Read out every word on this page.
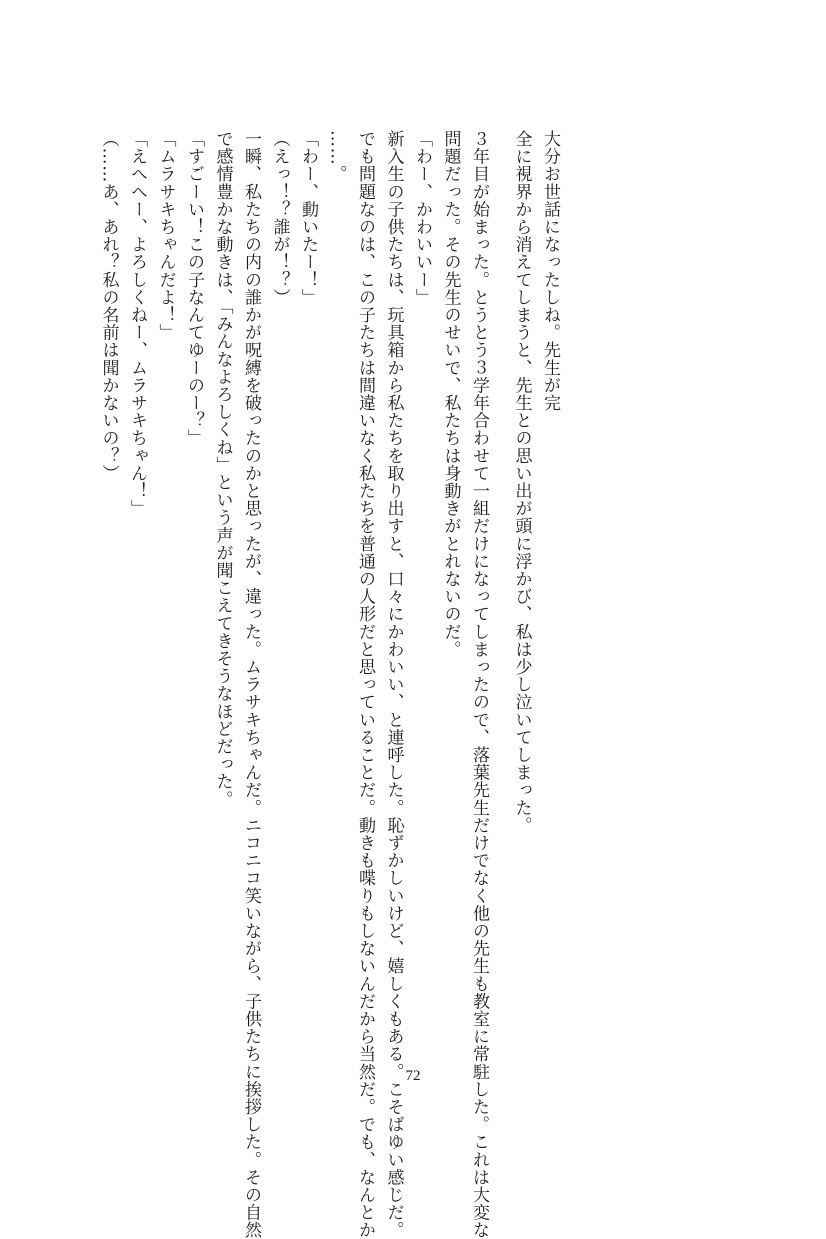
大分お世話になったしね。先生が完
全に視界から消えてしまうと、先生との思い出が頭に浮かび、私は少し泣いてしまった。
３年目が始まった。とうとう３学年合わせて一組だけになってしまったので、落葉先生だけでなく他の先生も教室に常駐した。これは大変な
問題だった。その先生のせいで、私たちは身動きがとれないのだ。
「わー、かわいいー」
新入生の子供たちは、玩具箱から私たちを取り出すと、口々にかわいい、と連呼した。恥ずかしいけど、嬉しくもある。こそばゆい感じだ。
でも問題なのは、この子たちは間違いなく私たちを普通の人形だと思っていることだ。動きも喋りもしないんだから当然だ。でも、なんとか
……。
「わー、動いたー！」
（えっ！？誰が！？）
一瞬、私たちの内の誰かが呪縛を破ったのかと思ったが、違った。ムラサキちゃんだ。ニコニコ笑いながら、子供たちに挨拶した。その自然
で感情豊かな動きは、「みんなよろしくね」という声が聞こえてきそうなほどだった。
「すごーい！この子なんてゆーのー？」
「ムラサキちゃんだよ！」
「えへへー、よろしくねー、ムラサキちゃん！」
（……あ、あれ？私の名前は聞かないの？）
72
